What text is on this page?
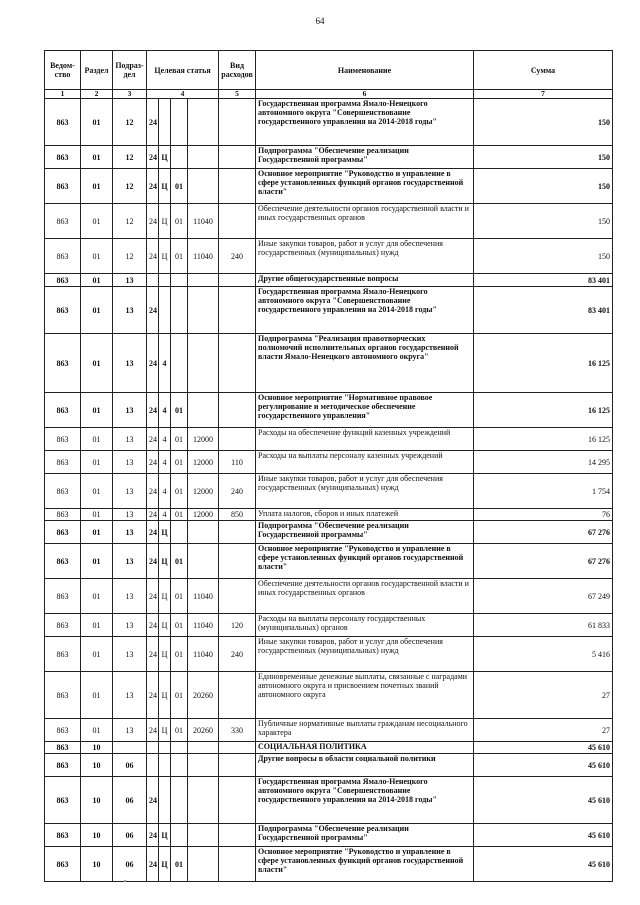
64
Ведом-ство	Раздел	Подраз-дел	Целевая статья				Вид расходов	Наименование	Сумма
1	2	3	4				5	6	7
863	01	12	24					Государственная программа Ямало-Ненецкого автономного округа "Совершенствование государственного управления на 2014-2018 годы"	150
863	01	12	24	Ц				Подпрограмма "Обеспечение реализации Государственной программы"	150
863	01	12	24	Ц	01			Основное мероприятие "Руководство и управление в сфере установленных функций органов государственной власти"	150
863	01	12	24	Ц	01	11040		Обеспечение деятельности органов государственной власти и иных государственных органов	150
863	01	12	24	Ц	01	11040	240	Иные закупки товаров, работ и услуг для обеспечения государственных (муниципальных) нужд	150
863	01	13						Другие общегосударственные вопросы	83 401
863	01	13	24					Государственная программа Ямало-Ненецкого автономного округа "Совершенствование государственного управления на 2014-2018 годы"	83 401
863	01	13	24	4				Подпрограмма "Реализация правотворческих полномочий исполнительных органов государственной власти Ямало-Ненецкого автономного округа"	16 125
863	01	13	24	4	01			Основное мероприятие "Нормативное правовое регулирование и методическое обеспечение государственного управления"	16 125
863	01	13	24	4	01	12000		Расходы на обеспечение функций казенных учреждений	16 125
863	01	13	24	4	01	12000	110	Расходы на выплаты персоналу казенных учреждений	14 295
863	01	13	24	4	01	12000	240	Иные закупки товаров, работ и услуг для обеспечения государственных (муниципальных) нужд	1 754
863	01	13	24	4	01	12000	850	Уплата налогов, сборов и иных платежей	76
863	01	13	24	Ц				Подпрограмма "Обеспечение реализации Государственной программы"	67 276
863	01	13	24	Ц	01			Основное мероприятие "Руководство и управление в сфере установленных функций органов государственной власти"	67 276
863	01	13	24	Ц	01	11040		Обеспечение деятельности органов государственной власти и иных государственных органов	67 249
863	01	13	24	Ц	01	11040	120	Расходы на выплаты персоналу государственных (муниципальных) органов	61 833
863	01	13	24	Ц	01	11040	240	Иные закупки товаров, работ и услуг для обеспечения государственных (муниципальных) нужд	5 416
863	01	13	24	Ц	01	20260		Единовременные денежные выплаты, связанные с наградами автономного округа и присвоением почетных званий автономного округа	27
863	01	13	24	Ц	01	20260	330	Публичные нормативные выплаты гражданам несоциального характера	27
863	10							СОЦИАЛЬНАЯ ПОЛИТИКА	45 610
863	10	06						Другие вопросы в области социальной политики	45 610
863	10	06	24					Государственная программа Ямало-Ненецкого автономного округа "Совершенствование государственного управления на 2014-2018 годы"	45 610
863	10	06	24	Ц				Подпрограмма "Обеспечение реализации Государственной программы"	45 610
863	10	06	24	Ц	01			Основное мероприятие "Руководство и управление в сфере установленных функций органов государственной власти"	45 610
